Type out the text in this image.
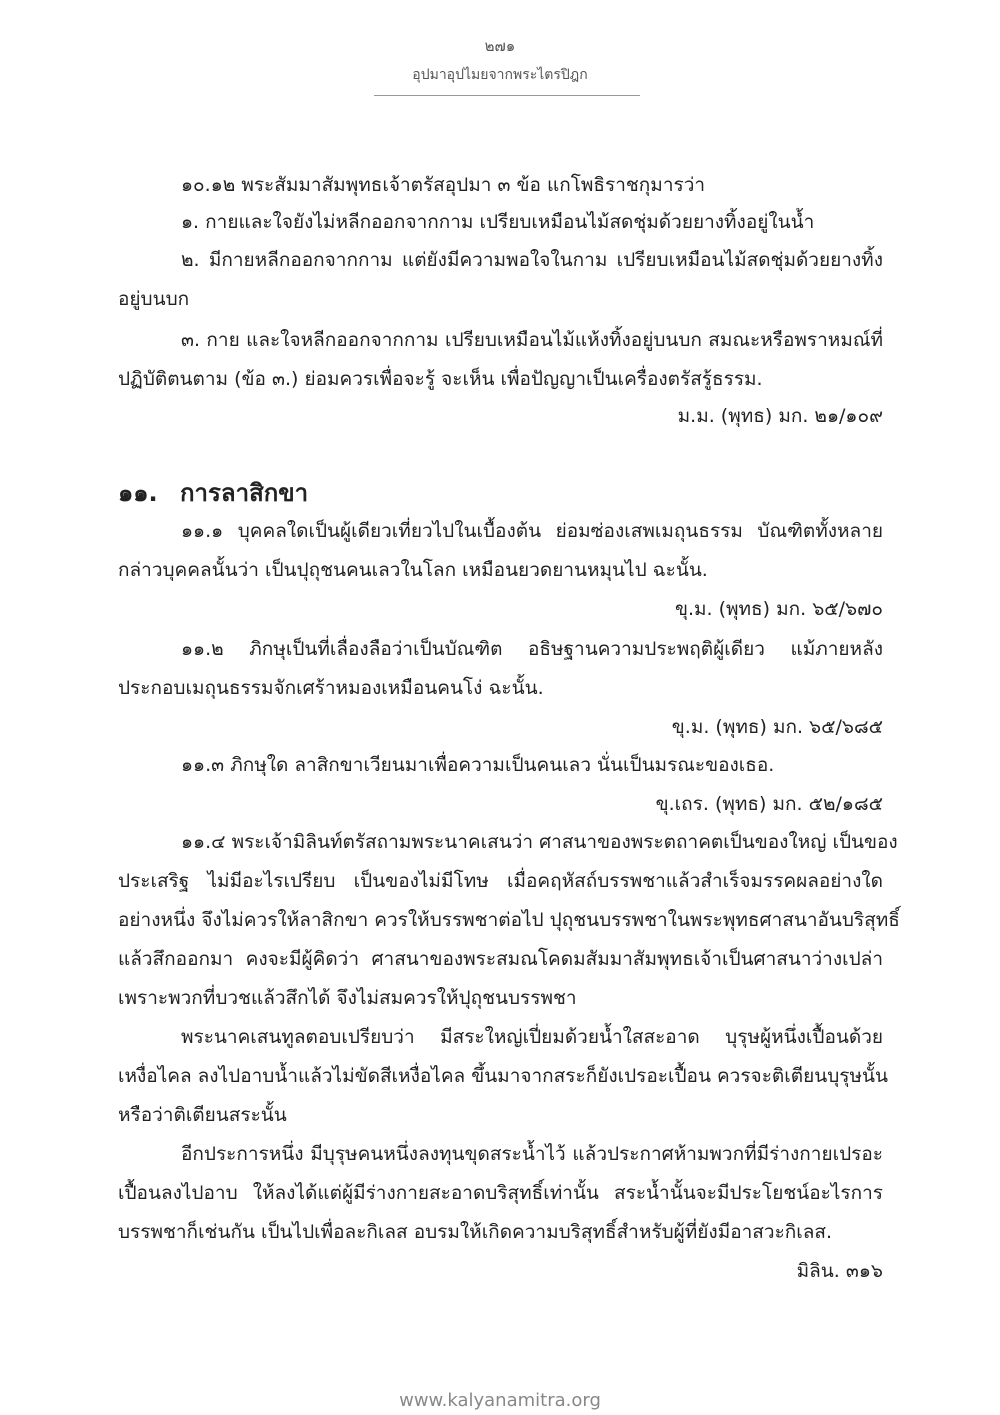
๒๗๑
อุปมาอุปไมยจากพระไตรปิฎก
๑๐.๑๒ พระสัมมาสัมพุทธเจ้าตรัสอุปมา ๓ ข้อ แกโพธิราชกุมารว่า
๑. กายและใจยังไม่หลีกออกจากกาม เปรียบเหมือนไม้สดชุ่มด้วยยางทิ้งอยู่ในน้ำ
๒. มีกายหลีกออกจากกาม แต่ยังมีความพอใจในกาม เปรียบเหมือนไม้สดชุ่มด้วยยางทิ้ง
อยู่บนบก
๓. กาย และใจหลีกออกจากกาม เปรียบเหมือนไม้แห้งทิ้งอยู่บนบก สมณะหรือพราหมณ์ที่
ปฏิบัติตนตาม (ข้อ ๓.) ย่อมควรเพื่อจะรู้ จะเห็น เพื่อปัญญาเป็นเครื่องตรัสรู้ธรรม.
ม.ม. (พุทธ) มก. ๒๑/๑๐๙
๑๑. การลาสิกขา
๑๑.๑ บุคคลใดเป็นผู้เดียวเที่ยวไปในเบื้องต้น ย่อมซ่องเสพเมถุนธรรม บัณฑิตทั้งหลาย
กล่าวบุคคลนั้นว่า เป็นปุถุชนคนเลวในโลก เหมือนยวดยานหมุนไป ฉะนั้น.
ขุ.ม. (พุทธ) มก. ๖๕/๖๗๐
๑๑.๒ ภิกษุเป็นที่เลื่องลือว่าเป็นบัณฑิต อธิษฐานความประพฤติผู้เดียว แม้ภายหลัง
ประกอบเมถุนธรรมจักเศร้าหมองเหมือนคนโง่ ฉะนั้น.
ขุ.ม. (พุทธ) มก. ๖๕/๖๘๕
๑๑.๓ ภิกษุใด ลาสิกขาเวียนมาเพื่อความเป็นคนเลว นั่นเป็นมรณะของเธอ.
ขุ.เถร. (พุทธ) มก. ๕๒/๑๘๕
๑๑.๔ พระเจ้ามิลินท์ตรัสถามพระนาคเสนว่า ศาสนาของพระตถาคตเป็นของใหญ่ เป็นของ
ประเสริฐ ไม่มีอะไรเปรียบ เป็นของไม่มีโทษ เมื่อคฤหัสถ์บรรพชาแล้วสำเร็จมรรคผลอย่างใด
อย่างหนึ่ง จึงไม่ควรให้ลาสิกขา ควรให้บรรพชาต่อไป ปุถุชนบรรพชาในพระพุทธศาสนาอันบริสุทธิ์
แล้วสึกออกมา คงจะมีผู้คิดว่า ศาสนาของพระสมณโคดมสัมมาสัมพุทธเจ้าเป็นศาสนาว่างเปล่า
เพราะพวกที่บวชแล้วสึกได้ จึงไม่สมควรให้ปุถุชนบรรพชา
พระนาคเสนทูลตอบเปรียบว่า มีสระใหญ่เปี่ยมด้วยน้ำใสสะอาด บุรุษผู้หนึ่งเปื้อนด้วย
เหงื่อไคล ลงไปอาบน้ำแล้วไม่ขัดสีเหงื่อไคล ขึ้นมาจากสระก็ยังเปรอะเปื้อน ควรจะติเตียนบุรุษนั้น
หรือว่าติเตียนสระนั้น
อีกประการหนึ่ง มีบุรุษคนหนึ่งลงทุนขุดสระน้ำไว้ แล้วประกาศห้ามพวกที่มีร่างกายเปรอะ
เปื้อนลงไปอาบ ให้ลงได้แต่ผู้มีร่างกายสะอาดบริสุทธิ์เท่านั้น สระน้ำนั้นจะมีประโยชน์อะไรการ
บรรพชาก็เช่นกัน เป็นไปเพื่อละกิเลส อบรมให้เกิดความบริสุทธิ์สำหรับผู้ที่ยังมีอาสวะกิเลส.
มิลิน. ๓๑๖
www.kalyanamitra.org
